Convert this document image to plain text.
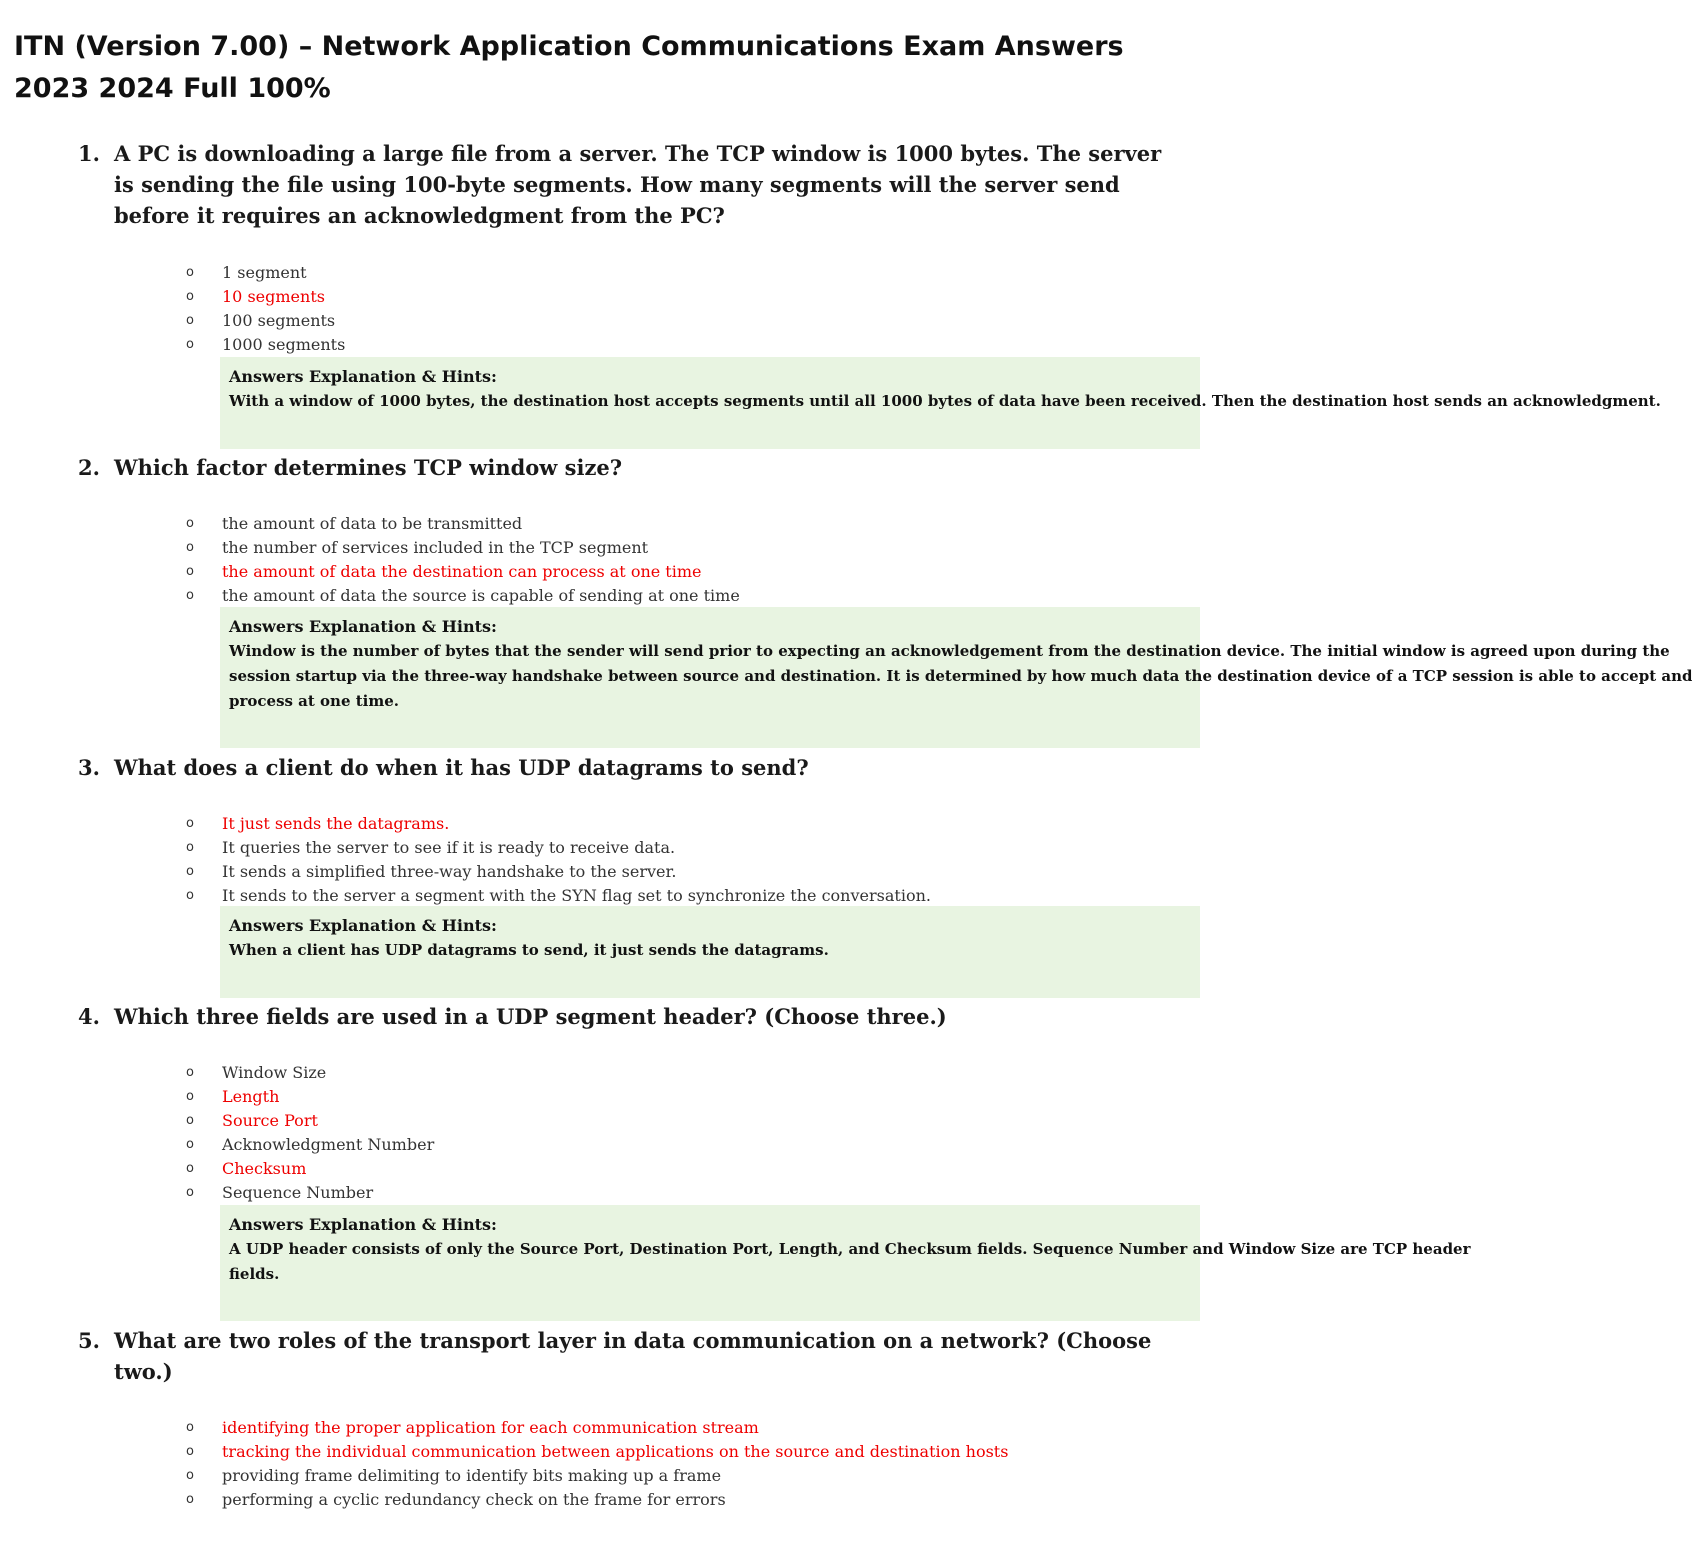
ITN (Version 7.00) – Network Application Communications Exam Answers 2023 2024 Full 100%
1. A PC is downloading a large file from a server. The TCP window is 1000 bytes. The server is sending the file using 100-byte segments. How many segments will the server send before it requires an acknowledgment from the PC?

o 1 segment
o 10 segments
o 100 segments
o 1000 segments
Answers Explanation & Hints:
With a window of 1000 bytes, the destination host accepts segments until all 1000 bytes of data have been received. Then the destination host sends an acknowledgment.
2. Which factor determines TCP window size?

o the amount of data to be transmitted
o the number of services included in the TCP segment
o the amount of data the destination can process at one time
o the amount of data the source is capable of sending at one time
Answers Explanation & Hints:
Window is the number of bytes that the sender will send prior to expecting an acknowledgement from the destination device. The initial window is agreed upon during the
session startup via the three-way handshake between source and destination. It is determined by how much data the destination device of a TCP session is able to accept and
process at one time.
3. What does a client do when it has UDP datagrams to send?

o It just sends the datagrams.
o It queries the server to see if it is ready to receive data.
o It sends a simplified three-way handshake to the server.
o It sends to the server a segment with the SYN flag set to synchronize the conversation.
Answers Explanation & Hints:
When a client has UDP datagrams to send, it just sends the datagrams.
4. Which three fields are used in a UDP segment header? (Choose three.)

o Window Size
o Length
o Source Port
o Acknowledgment Number
o Checksum
o Sequence Number
Answers Explanation & Hints:
A UDP header consists of only the Source Port, Destination Port, Length, and Checksum fields. Sequence Number and Window Size are TCP header
fields.
5. What are two roles of the transport layer in data communication on a network? (Choose two.)

o identifying the proper application for each communication stream
o tracking the individual communication between applications on the source and destination hosts
o providing frame delimiting to identify bits making up a frame
o performing a cyclic redundancy check on the frame for errors
